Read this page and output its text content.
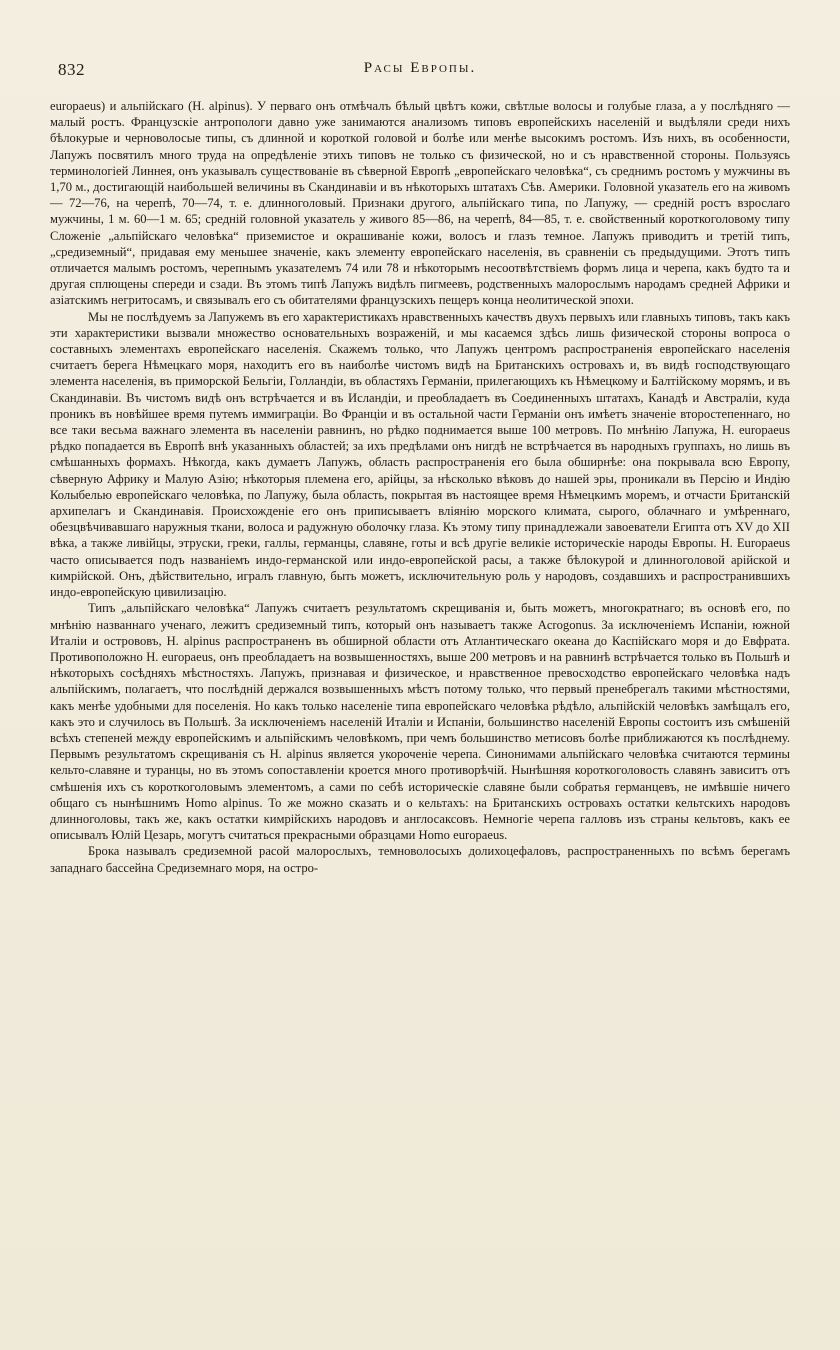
832	Расы Европы.

europaeus) и альпійскаго (H. alpinus). У перваго онъ отмѣчалъ бѣлый цвѣтъ кожи, свѣтлые волосы и голубые глаза, а у послѣдняго — малый ростъ. Французскіе антропологи давно уже занимаются анализомъ типовъ европейскихъ населеній и выдѣляли среди нихъ бѣлокурые и черноволосые типы, съ длинной и короткой головой и болѣе или менѣе высокимъ ростомъ. Изъ нихъ, въ особенности, Лапужъ посвятилъ много труда на опредѣленіе этихъ типовъ не только съ физической, но и съ нравственной стороны. Пользуясь терминологіей Линнея, онъ указывалъ существованіе въ сѣверной Европѣ „европейскаго человѣка“, съ среднимъ ростомъ у мужчины въ 1,70 м., достигающій наибольшей величины въ Скандинавіи и въ нѣкоторыхъ штатахъ Сѣв. Америки. Головной указатель его на живомъ — 72—76, на черепѣ, 70—74, т. е. длинноголовый. Признаки другого, альпійскаго типа, по Лапужу, — средній ростъ взрослаго мужчины, 1 м. 60—1 м. 65; средній головной указатель у живого 85—86, на черепѣ, 84—85, т. е. свойственный короткоголовому типу Сложеніе „альпійскаго человѣка“ приземистое и окрашиваніе кожи, волосъ и глазъ темное. Лапужъ приводитъ и третій типъ, „средиземный“, придавая ему меньшее значеніе, какъ элементу европейскаго населенія, въ сравненіи съ предыдущими. Этотъ типъ отличается малымъ ростомъ, черепнымъ указателемъ 74 или 78 и нѣкоторымъ несоотвѣтствіемъ формъ лица и черепа, какъ будто та и другая сплющены спереди и сзади. Въ этомъ типѣ Лапужъ видѣлъ пигмеевъ, родственныхъ малорослымъ народамъ средней Африки и азіатскимъ негритосамъ, и связывалъ его съ обитателями французскихъ пещеръ конца неолитической эпохи.

Мы не послѣдуемъ за Лапужемъ въ его характеристикахъ нравственныхъ качествъ двухъ первыхъ или главныхъ типовъ, такъ какъ эти характеристики вызвали множество основательныхъ возраженій, и мы касаемся здѣсь лишь физической стороны вопроса о составныхъ элементахъ европейскаго населенія. Скажемъ только, что Лапужъ центромъ распространенія европейскаго населенія считаетъ берега Нѣмецкаго моря, находитъ его въ наиболѣе чистомъ видѣ на Британскихъ островахъ и, въ видѣ господствующаго элемента населенія, въ приморской Бельгіи, Голландіи, въ областяхъ Германіи, прилегающихъ къ Нѣмецкому и Балтійскому морямъ, и въ Скандинавіи. Въ чистомъ видѣ онъ встрѣчается и въ Исландіи, и преобладаетъ въ Соединенныхъ штатахъ, Канадѣ и Австраліи, куда проникъ въ новѣйшее время путемъ иммиграціи. Во Франціи и въ остальной части Германіи онъ имѣетъ значеніе второстепеннаго, но все таки весьма важнаго элемента въ населеніи равнинъ, но рѣдко поднимается выше 100 метровъ. По мнѣнію Лапужа, H. europaeus рѣдко попадается въ Европѣ внѣ указанныхъ областей; за ихъ предѣлами онъ нигдѣ не встрѣчается въ народныхъ группахъ, но лишь въ смѣшанныхъ формахъ. Нѣкогда, какъ думаетъ Лапужъ, область распространенія его была обширнѣе: она покрывала всю Европу, сѣверную Африку и Малую Азію; нѣкоторыя племена его, арійцы, за нѣсколько вѣковъ до нашей эры, проникали въ Персію и Индію Колыбелью европейскаго человѣка, по Лапужу, была область, покрытая въ настоящее время Нѣмецкимъ моремъ, и отчасти Британскій архипелагъ и Скандинавія. Происхожденіе его онъ приписываетъ вліянію морского климата, сырого, облачнаго и умѣреннаго, обезцвѣчивавшаго наружныя ткани, волоса и радужную оболочку глаза. Къ этому типу принадлежали завоеватели Египта отъ XV до XII вѣка, а также ливійцы, этруски, греки, галлы, германцы, славяне, готы и всѣ другіе великіе историческіе народы Европы. H. Europaeus часто описывается подъ названіемъ индо-германской или индо-европейской расы, а также бѣлокурой и длинноголовой арійской и кимрійской. Онъ, дѣйствительно, игралъ главную, быть можетъ, исключительную роль у народовъ, создавшихъ и распространившихъ индо-европейскую цивилизацію.

Типъ „альпійскаго человѣка“ Лапужъ считаетъ результатомъ скрещиванія и, быть можетъ, многократнаго; въ основѣ его, по мнѣнію названнаго ученаго, лежитъ средиземный типъ, который онъ называетъ также Acrogonus. За исключеніемъ Испаніи, южной Италіи и острововъ, H. alpinus распространенъ въ обширной области отъ Атлантическаго океана до Каспійскаго моря и до Евфрата. Противоположно H. europaeus, онъ преобладаетъ на возвышенностяхъ, выше 200 метровъ и на равнинѣ встрѣчается только въ Польшѣ и нѣкоторыхъ сосѣдняхъ мѣстностяхъ. Лапужъ, признавая и физическое, и нравственное превосходство европейскаго человѣка надъ альпійскимъ, полагаетъ, что послѣдній держался возвышенныхъ мѣстъ потому только, что первый пренебрегалъ такими мѣстностями, какъ менѣе удобными для поселенія. Но какъ только населеніе типа европейскаго человѣка рѣдѣло, альпійскій человѣкъ замѣщалъ его, какъ это и случилось въ Польшѣ. За исключеніемъ населеній Италіи и Испаніи, большинство населеній Европы состоитъ изъ смѣшеній всѣхъ степеней между европейскимъ и альпійскимъ человѣкомъ, при чемъ большинство метисовъ болѣе приближаются къ послѣднему. Первымъ результатомъ скрещиванія съ H. alpinus является укороченіе черепа. Синонимами альпійскаго человѣка считаются термины кельто-славяне и туранцы, но въ этомъ сопоставленіи кроется много противорѣчій. Нынѣшняя короткоголовость славянъ зависитъ отъ смѣшенія ихъ съ короткоголовымъ элементомъ, а сами по себѣ историческіе славяне были собратья германцевъ, не имѣвшіе ничего общаго съ нынѣшнимъ Homo alpinus. То же можно сказать и о кельтахъ: на Британскихъ островахъ остатки кельтскихъ народовъ длинноголовы, такъ же, какъ остатки кимрійскихъ народовъ и англосаксовъ. Немногіе черепа галловъ изъ страны кельтовъ, какъ ее описывалъ Юлій Цезарь, могутъ считаться прекрасными образцами Homo europaeus.

Брока называлъ средиземной расой малорослыхъ, темноволосыхъ долихоцефаловъ, распространенныхъ по всѣмъ берегамъ западнаго бассейна Средиземнаго моря, на остро-
